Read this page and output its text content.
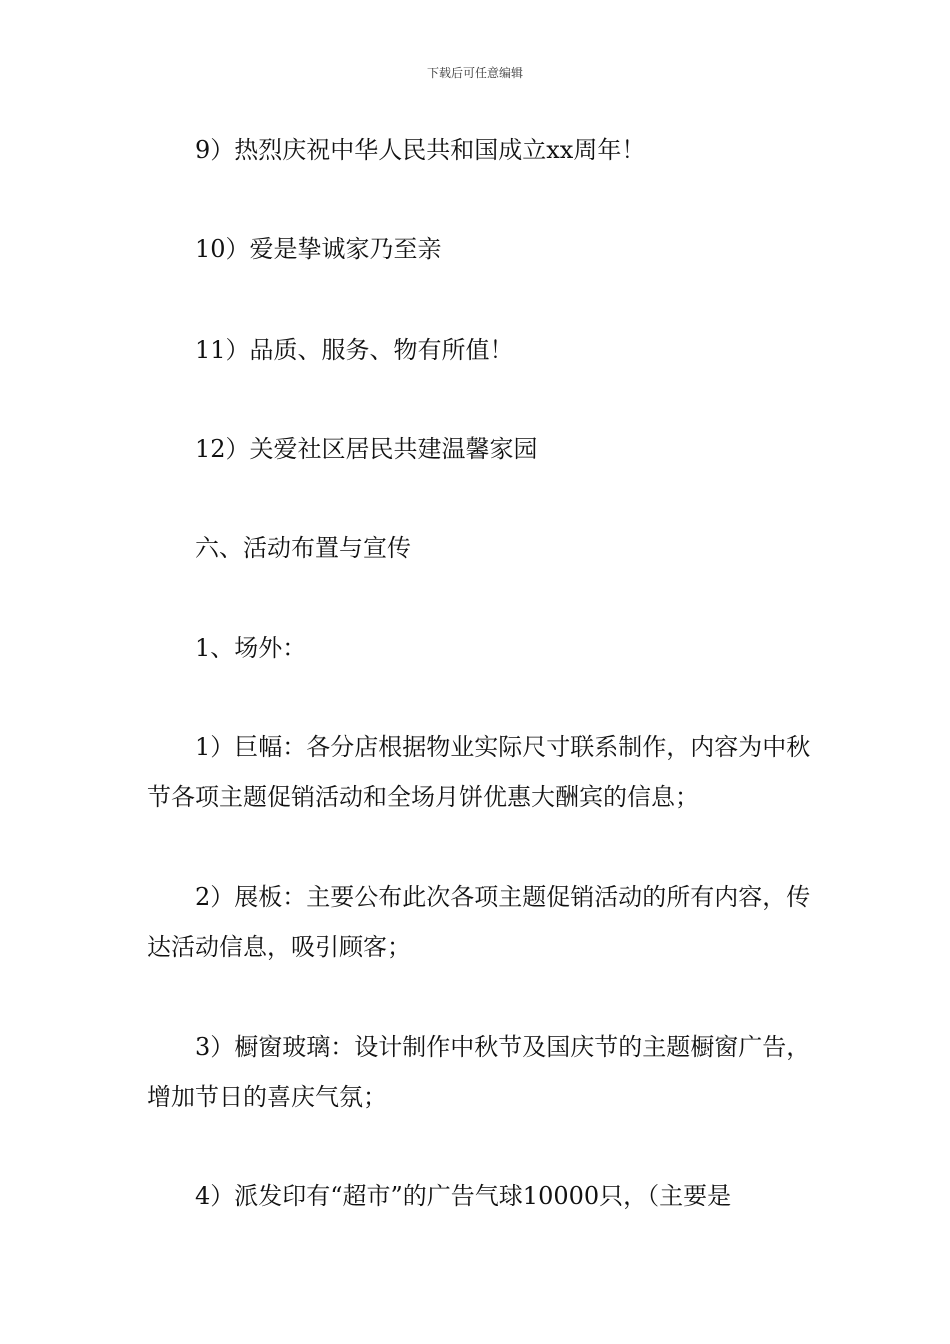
下载后可任意编辑
9）热烈庆祝中华人民共和国成立xx周年！
10）爱是挚诚家乃至亲
11）品质、服务、物有所值！
12）关爱社区居民共建温馨家园
六、活动布置与宣传
1、场外：
1）巨幅：各分店根据物业实际尺寸联系制作，内容为中秋节各项主题促销活动和全场月饼优惠大酬宾的信息；
2）展板：主要公布此次各项主题促销活动的所有内容，传达活动信息，吸引顾客；
3）橱窗玻璃：设计制作中秋节及国庆节的主题橱窗广告，增加节日的喜庆气氛；
4）派发印有“超市”的广告气球10000只，（主要是
